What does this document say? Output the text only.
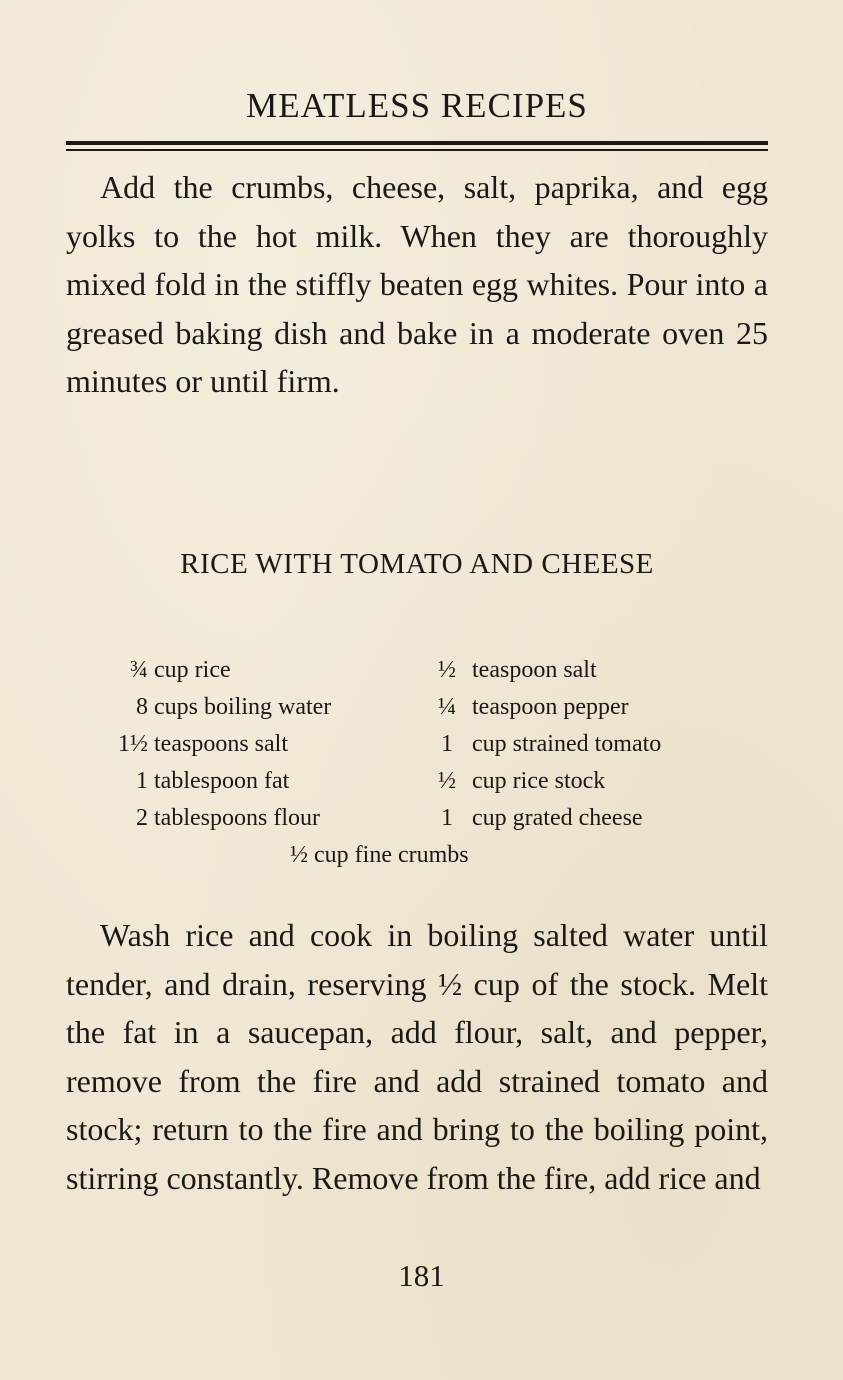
MEATLESS RECIPES

Add the crumbs, cheese, salt, paprika, and egg yolks to the hot milk. When they are thoroughly mixed fold in the stiffly beaten egg whites. Pour into a greased baking dish and bake in a moderate oven 25 minutes or until firm.

RICE WITH TOMATO AND CHEESE
¾ cup rice	½ teaspoon salt
8 cups boiling water	¼ teaspoon pepper
1½ teaspoons salt	1 cup strained tomato
1 tablespoon fat	½ cup rice stock
2 tablespoons flour	1 cup grated cheese
½ cup fine crumbs

Wash rice and cook in boiling salted water until tender, and drain, reserving ½ cup of the stock. Melt the fat in a saucepan, add flour, salt, and pepper, remove from the fire and add strained tomato and stock; return to the fire and bring to the boiling point, stirring constantly. Remove from the fire, add rice and

181
